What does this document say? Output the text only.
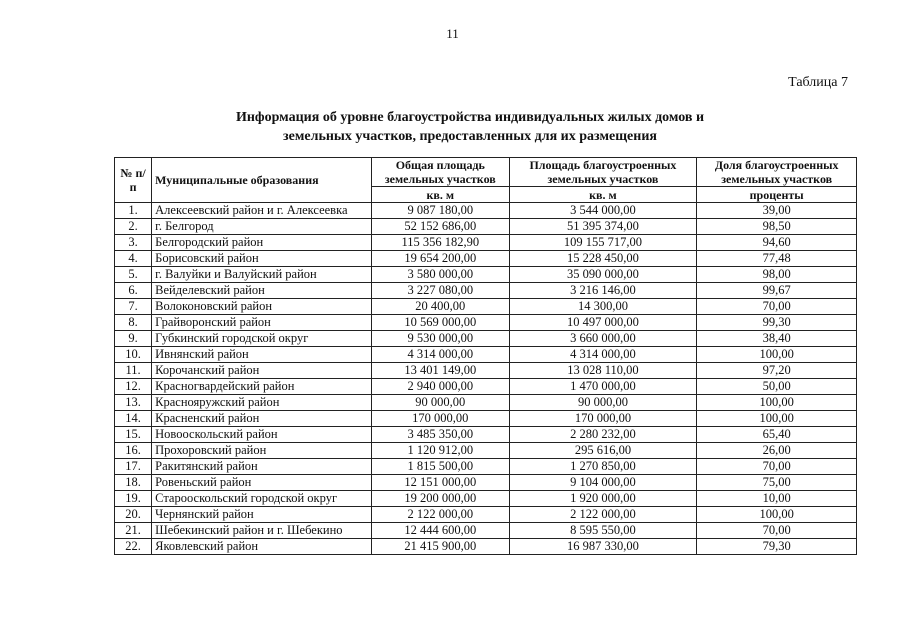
11
Таблица 7
Информация об уровне благоустройства индивидуальных жилых домов и
земельных участков, предоставленных для их размещения
№ п/п	Муниципальные образования	Общая площадь земельных участков	Площадь благоустроенных земельных участков	Доля благоустроенных земельных участков
		кв. м	кв. м	проценты
1.	Алексеевский район и г. Алексеевка	9 087 180,00	3 544 000,00	39,00
2.	г. Белгород	52 152 686,00	51 395 374,00	98,50
3.	Белгородский район	115 356 182,90	109 155 717,00	94,60
4.	Борисовский район	19 654 200,00	15 228 450,00	77,48
5.	г. Валуйки и Валуйский район	3 580 000,00	35 090 000,00	98,00
6.	Вейделевский район	3 227 080,00	3 216 146,00	99,67
7.	Волоконовский район	20 400,00	14 300,00	70,00
8.	Грайворонский район	10 569 000,00	10 497 000,00	99,30
9.	Губкинский городской округ	9 530 000,00	3 660 000,00	38,40
10.	Ивнянский район	4 314 000,00	4 314 000,00	100,00
11.	Корочанский район	13 401 149,00	13 028 110,00	97,20
12.	Красногвардейский район	2 940 000,00	1 470 000,00	50,00
13.	Краснояружский район	90 000,00	90 000,00	100,00
14.	Красненский район	170 000,00	170 000,00	100,00
15.	Новооскольский район	3 485 350,00	2 280 232,00	65,40
16.	Прохоровский район	1 120 912,00	295 616,00	26,00
17.	Ракитянский район	1 815 500,00	1 270 850,00	70,00
18.	Ровеньский район	12 151 000,00	9 104 000,00	75,00
19.	Старооскольский городской округ	19 200 000,00	1 920 000,00	10,00
20.	Чернянский район	2 122 000,00	2 122 000,00	100,00
21.	Шебекинский район и г. Шебекино	12 444 600,00	8 595 550,00	70,00
22.	Яковлевский район	21 415 900,00	16 987 330,00	79,30
